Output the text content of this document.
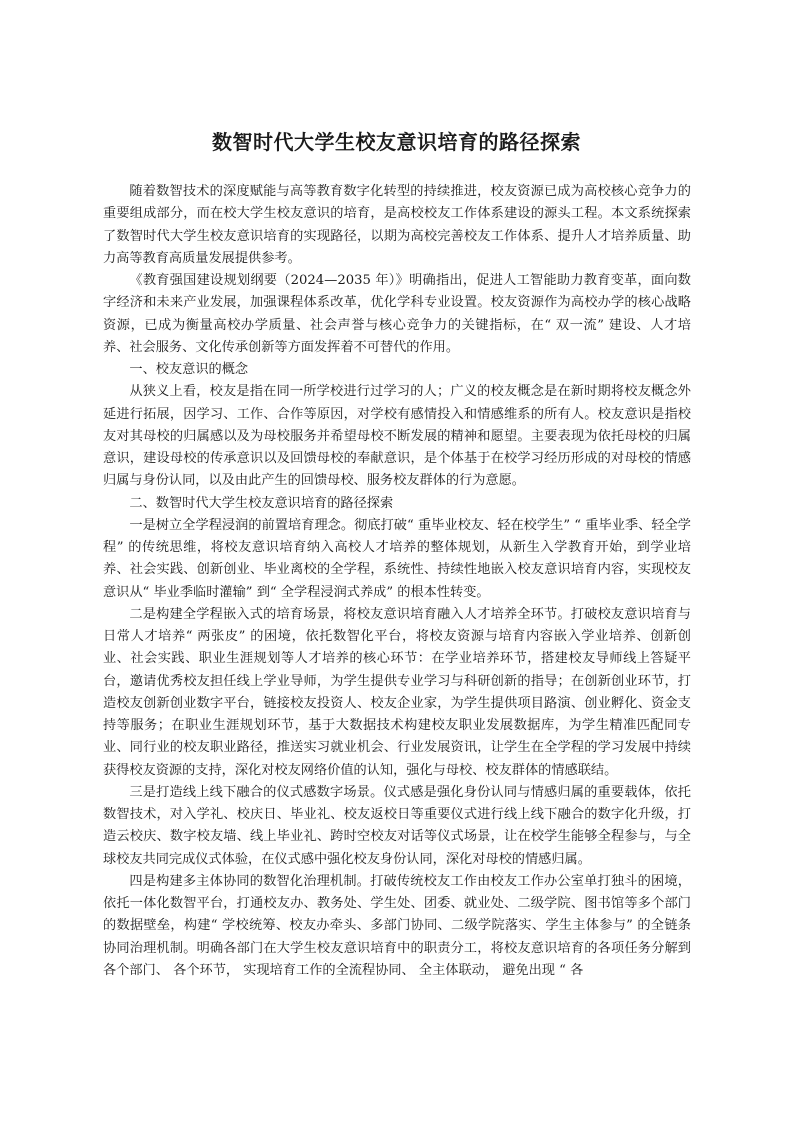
数智时代大学生校友意识培育的路径探索

随着数智技术的深度赋能与高等教育数字化转型的持续推进，校友资源已成为高校核心竞争力的重要组成部分，而在校大学生校友意识的培育，是高校校友工作体系建设的源头工程。本文系统探索了数智时代大学生校友意识培育的实现路径，以期为高校完善校友工作体系、提升人才培养质量、助力高等教育高质量发展提供参考。

《教育强国建设规划纲要（2024—2035 年）》明确指出，促进人工智能助力教育变革，面向数字经济和未来产业发展，加强课程体系改革，优化学科专业设置。校友资源作为高校办学的核心战略资源，已成为衡量高校办学质量、社会声誉与核心竞争力的关键指标，在“ 双一流” 建设、人才培养、社会服务、文化传承创新等方面发挥着不可替代的作用。

一、校友意识的概念

从狭义上看，校友是指在同一所学校进行过学习的人；广义的校友概念是在新时期将校友概念外延进行拓展，因学习、工作、合作等原因，对学校有感情投入和情感维系的所有人。校友意识是指校友对其母校的归属感以及为母校服务并希望母校不断发展的精神和愿望。主要表现为依托母校的归属意识，建设母校的传承意识以及回馈母校的奉献意识，是个体基于在校学习经历形成的对母校的情感归属与身份认同，以及由此产生的回馈母校、服务校友群体的行为意愿。

二、数智时代大学生校友意识培育的路径探索

一是树立全学程浸润的前置培育理念。彻底打破“ 重毕业校友、轻在校学生” “ 重毕业季、轻全学程” 的传统思维，将校友意识培育纳入高校人才培养的整体规划，从新生入学教育开始，到学业培养、社会实践、创新创业、毕业离校的全学程，系统性、持续性地嵌入校友意识培育内容，实现校友意识从“ 毕业季临时灌输” 到“ 全学程浸润式养成” 的根本性转变。

二是构建全学程嵌入式的培育场景，将校友意识培育融入人才培养全环节。打破校友意识培育与日常人才培养“ 两张皮” 的困境，依托数智化平台，将校友资源与培育内容嵌入学业培养、创新创业、社会实践、职业生涯规划等人才培养的核心环节：在学业培养环节，搭建校友导师线上答疑平台，邀请优秀校友担任线上学业导师，为学生提供专业学习与科研创新的指导；在创新创业环节，打造校友创新创业数字平台，链接校友投资人、校友企业家，为学生提供项目路演、创业孵化、资金支持等服务；在职业生涯规划环节，基于大数据技术构建校友职业发展数据库，为学生精准匹配同专业、同行业的校友职业路径，推送实习就业机会、行业发展资讯，让学生在全学程的学习发展中持续获得校友资源的支持，深化对校友网络价值的认知，强化与母校、校友群体的情感联结。

三是打造线上线下融合的仪式感数字场景。仪式感是强化身份认同与情感归属的重要载体，依托数智技术，对入学礼、校庆日、毕业礼、校友返校日等重要仪式进行线上线下融合的数字化升级，打造云校庆、数字校友墙、线上毕业礼、跨时空校友对话等仪式场景，让在校学生能够全程参与，与全球校友共同完成仪式体验，在仪式感中强化校友身份认同，深化对母校的情感归属。

四是构建多主体协同的数智化治理机制。打破传统校友工作由校友工作办公室单打独斗的困境，依托一体化数智平台，打通校友办、教务处、学生处、团委、就业处、二级学院、图书馆等多个部门的数据壁垒，构建“ 学校统筹、校友办牵头、多部门协同、二级学院落实、学生主体参与” 的全链条协同治理机制。明确各部门在大学生校友意识培育中的职责分工，将校友意识培育的各项任务分解到各个部门、 各个环节， 实现培育工作的全流程协同、 全主体联动， 避免出现 “ 各
